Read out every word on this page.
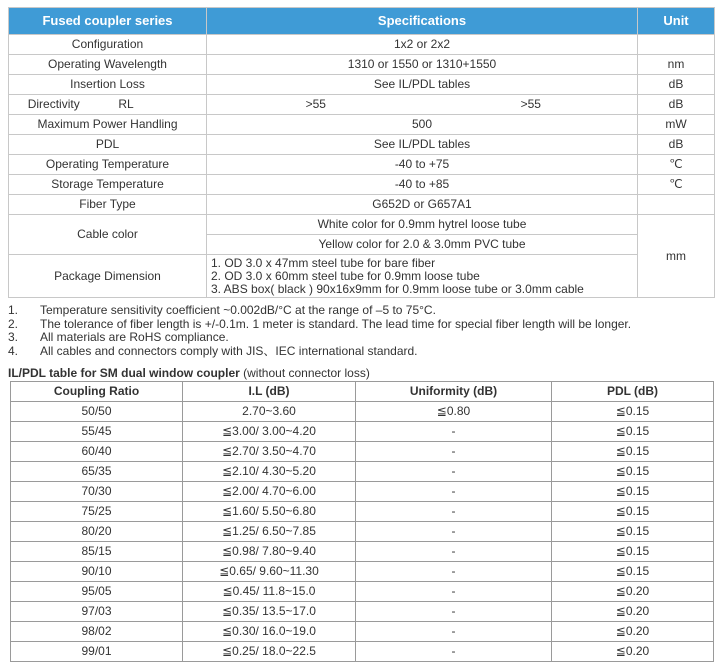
Fused coupler series	Specifications	Unit
Configuration	1x2 or 2x2	
Operating Wavelength	1310 or 1550 or 1310+1550	nm
Insertion Loss	See IL/PDL tables	dB

Directivity RL	>55 >55	dB
Maximum Power Handling	500	mW
PDL	See IL/PDL tables	dB
Operating Temperature	-40 to +75	℃
Storage Temperature	-40 to +85	℃
Fiber Type	G652D or G657A1	
Cable color	White color for 0.9mm hytrel loose tube	mm
	Yellow color for 2.0 & 3.0mm PVC tube	
Package Dimension	1. OD 3.0 x 47mm steel tube for bare fiber
2. OD 3.0 x 60mm steel tube for 0.9mm loose tube
3. ABS box( black ) 90x16x9mm for 0.9mm loose tube or 3.0mm cable	
1. Temperature sensitivity coefficient ~0.002dB/°C at the range of –5 to 75°C.
2. The tolerance of fiber length is +/-0.1m. 1 meter is standard. The lead time for special fiber length will be longer.
3. All materials are RoHS compliance.
4. All cables and connectors comply with JIS、IEC international standard.
IL/PDL table for SM dual window coupler (without connector loss)
Coupling Ratio	I.L (dB)	Uniformity (dB)	PDL (dB)
50/50	2.70~3.60	≦0.80	≦0.15
55/45	≦3.00/ 3.00~4.20	-	≦0.15
60/40	≦2.70/ 3.50~4.70	-	≦0.15
65/35	≦2.10/ 4.30~5.20	-	≦0.15
70/30	≦2.00/ 4.70~6.00	-	≦0.15
75/25	≦1.60/ 5.50~6.80	-	≦0.15
80/20	≦1.25/ 6.50~7.85	-	≦0.15
85/15	≦0.98/ 7.80~9.40	-	≦0.15
90/10	≦0.65/ 9.60~11.30	-	≦0.15
95/05	≦0.45/ 11.8~15.0	-	≦0.20
97/03	≦0.35/ 13.5~17.0	-	≦0.20
98/02	≦0.30/ 16.0~19.0	-	≦0.20
99/01	≦0.25/ 18.0~22.5	-	≦0.20
